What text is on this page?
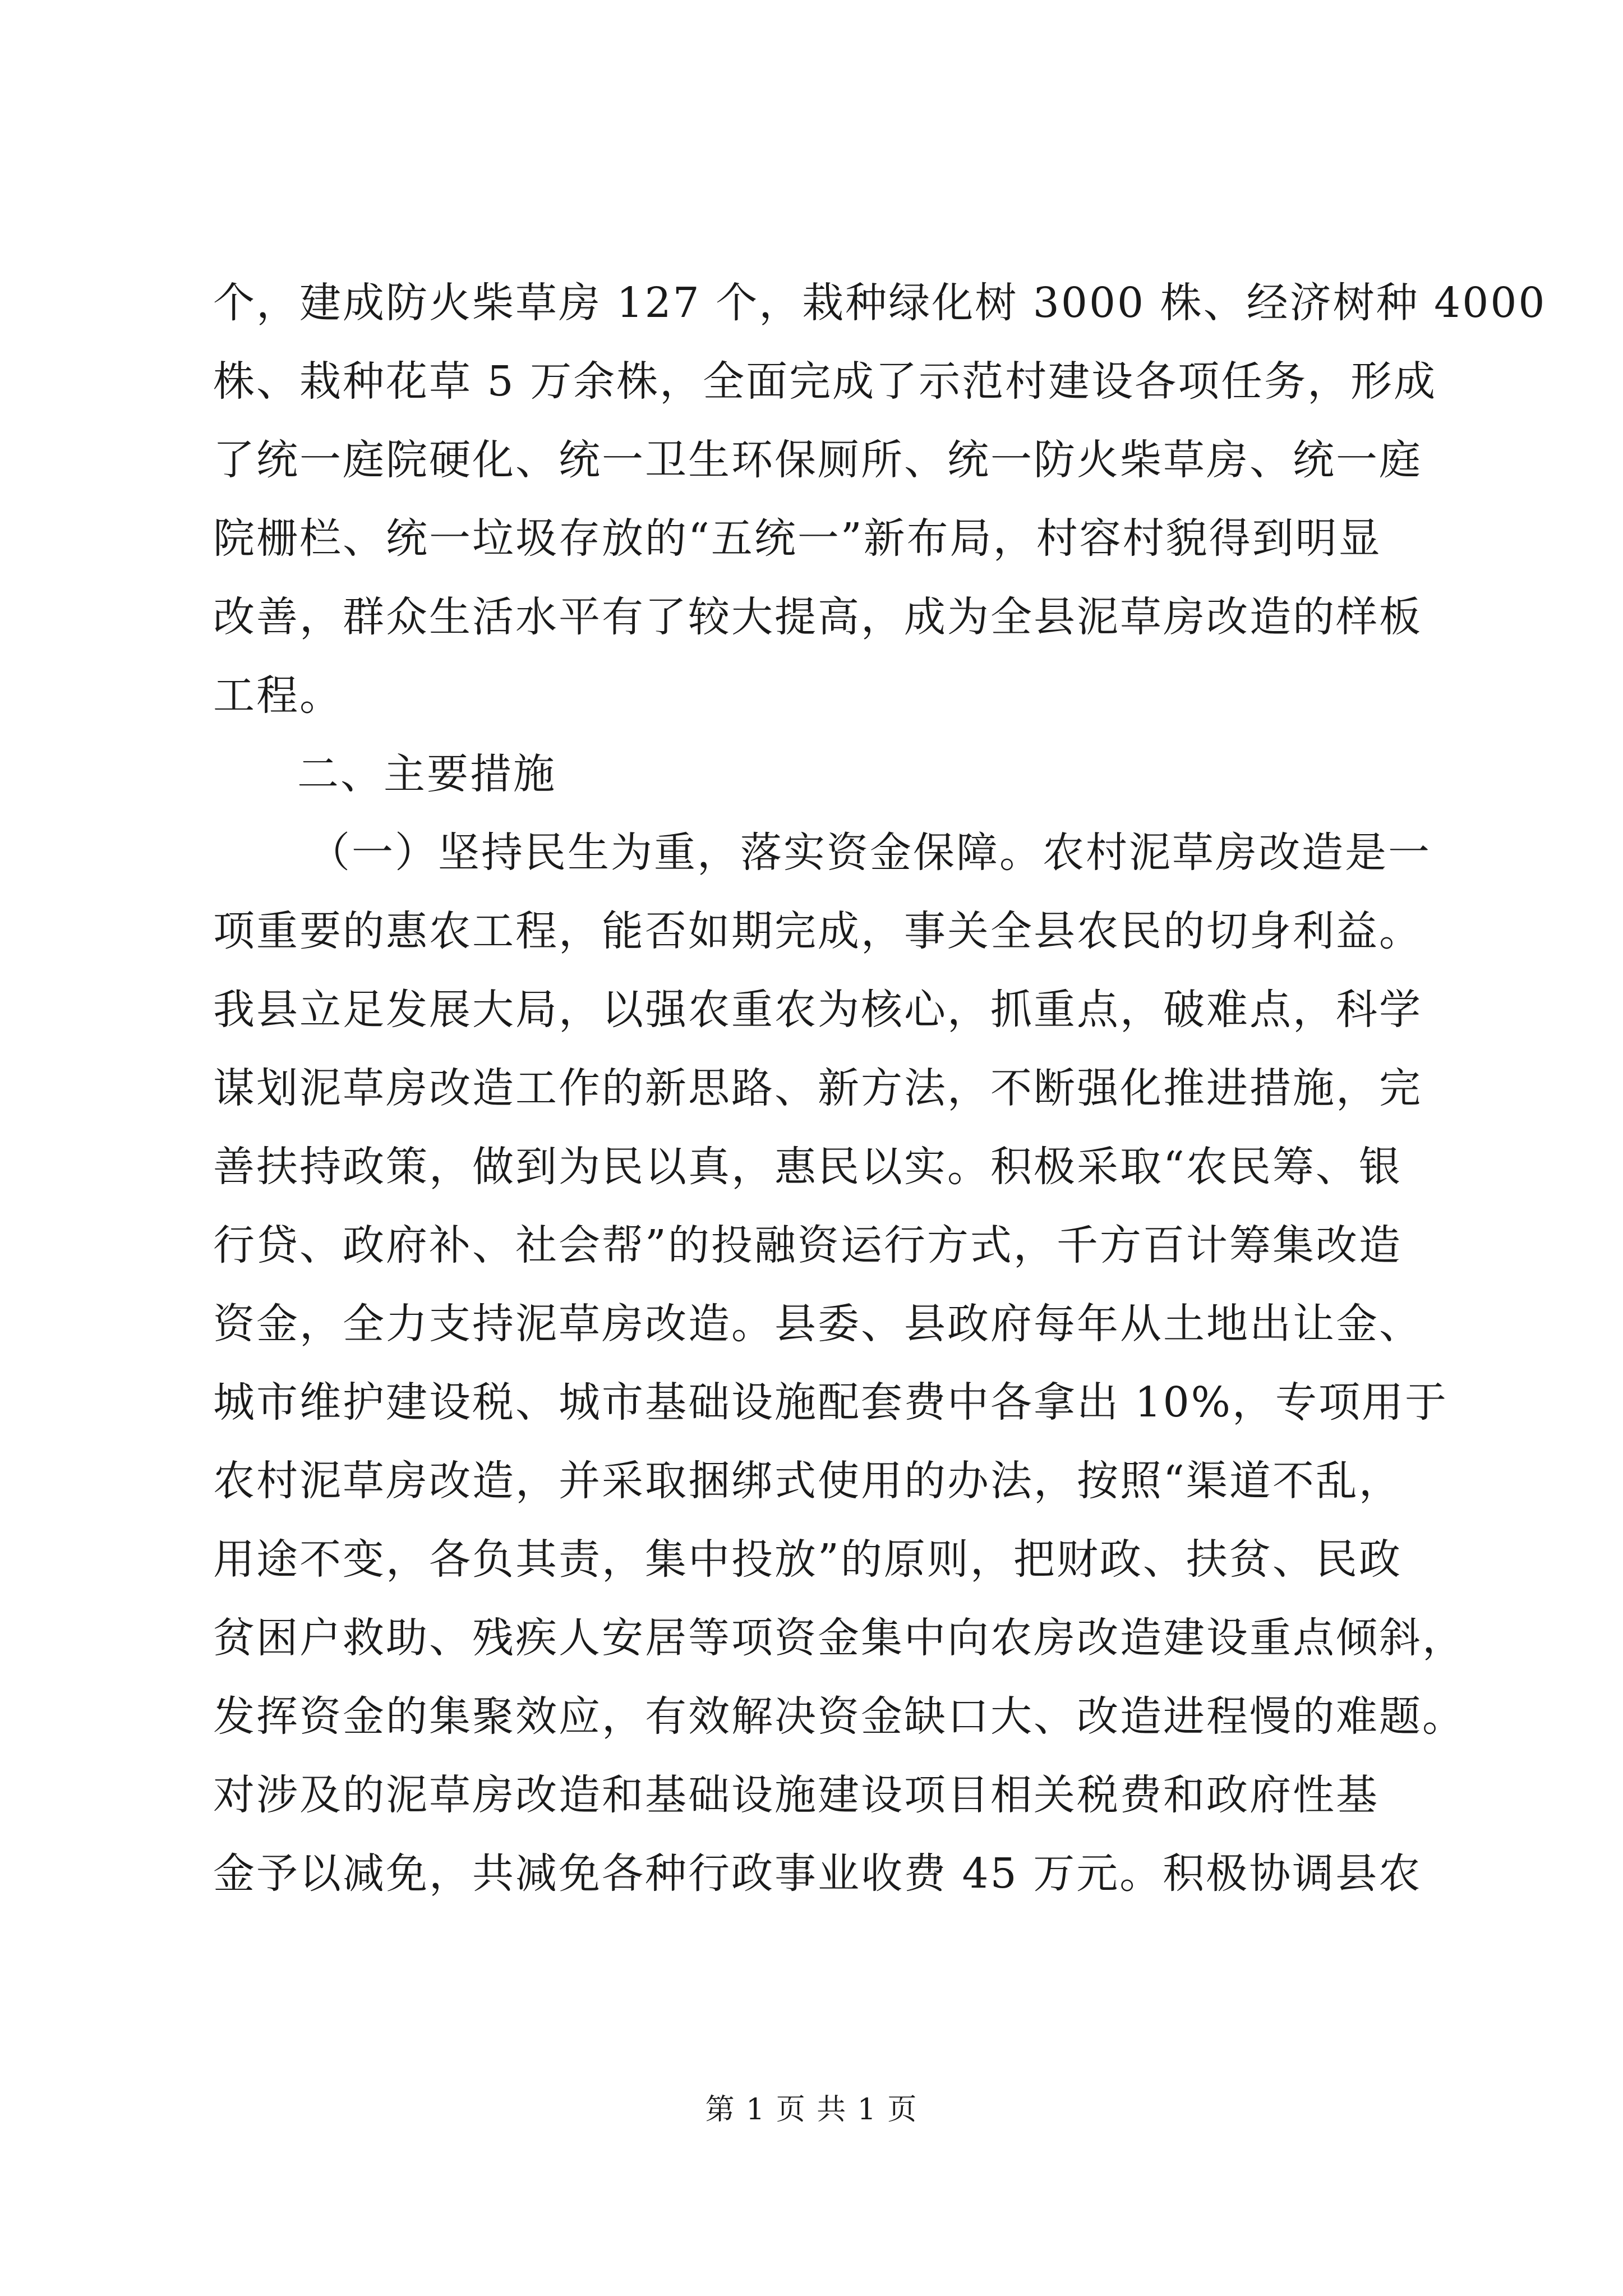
个，建成防火柴草房 127 个，栽种绿化树 3000 株、经济树种 4000
株、栽种花草 5 万余株，全面完成了示范村建设各项任务，形成
了统一庭院硬化、统一卫生环保厕所、统一防火柴草房、统一庭
院栅栏、统一垃圾存放的“五统一”新布局，村容村貌得到明显
改善，群众生活水平有了较大提高，成为全县泥草房改造的样板
工程。
二、主要措施
（一）坚持民生为重，落实资金保障。农村泥草房改造是一
项重要的惠农工程，能否如期完成，事关全县农民的切身利益。
我县立足发展大局，以强农重农为核心，抓重点，破难点，科学
谋划泥草房改造工作的新思路、新方法，不断强化推进措施，完
善扶持政策，做到为民以真，惠民以实。积极采取“农民筹、银
行贷、政府补、社会帮”的投融资运行方式，千方百计筹集改造
资金，全力支持泥草房改造。县委、县政府每年从土地出让金、
城市维护建设税、城市基础设施配套费中各拿出 10%，专项用于
农村泥草房改造，并采取捆绑式使用的办法，按照“渠道不乱，
用途不变，各负其责，集中投放”的原则，把财政、扶贫、民政
贫困户救助、残疾人安居等项资金集中向农房改造建设重点倾斜，
发挥资金的集聚效应，有效解决资金缺口大、改造进程慢的难题。
对涉及的泥草房改造和基础设施建设项目相关税费和政府性基
金予以减免，共减免各种行政事业收费 45 万元。积极协调县农
第 1 页 共 1 页
